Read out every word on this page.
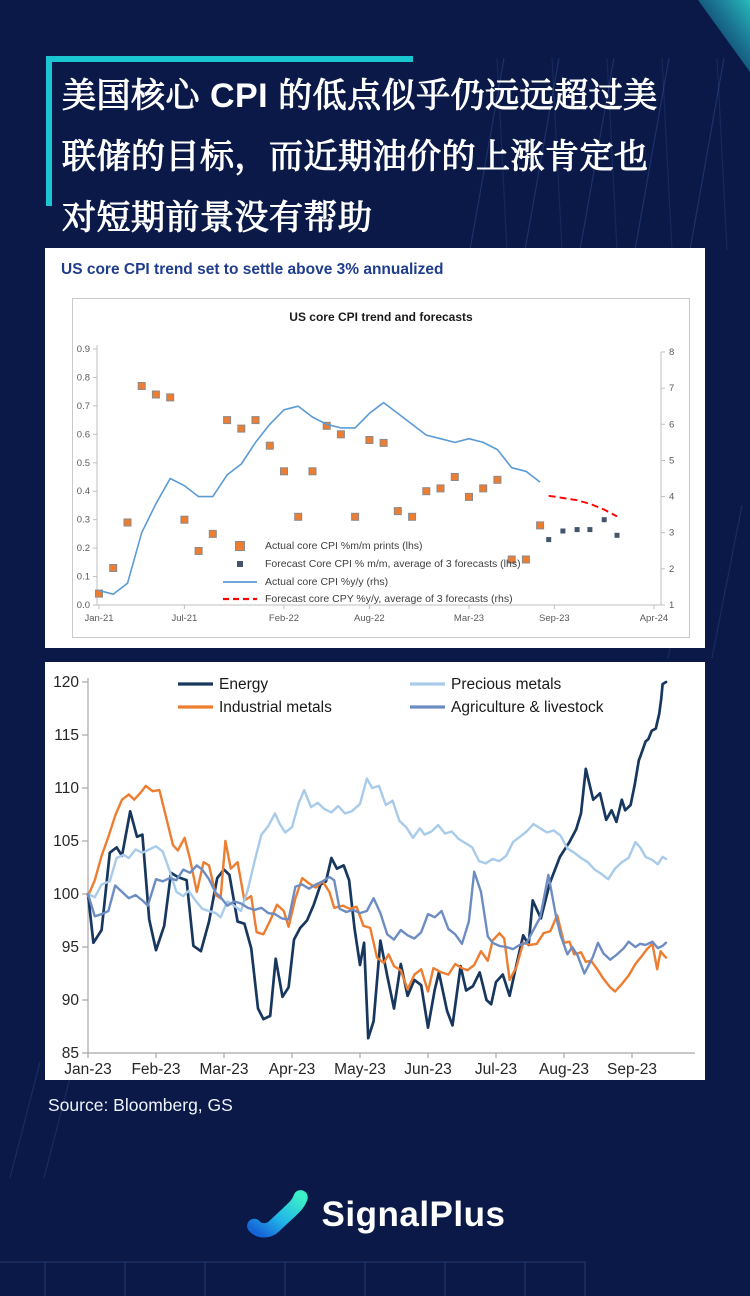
美国核心 CPI 的低点似乎仍远远超过美
联储的目标，而近期油价的上涨肯定也
对短期前景没有帮助
US core CPI trend set to settle above 3% annualized
US core CPI trend and forecasts
0.0
0.1
0.2
0.3
0.4
0.5
0.6
0.7
0.8
0.9
1
2
3
4
5
6
7
8
Jan-21	Jul-21	Feb-22	Aug-22	Mar-23	Sep-23	Apr-24
Actual core CPI %m/m prints (lhs)
Forecast Core CPI % m/m, average of 3 forecasts (lhs)
Actual core CPI %y/y (rhs)
Forecast core CPY %y/y, average of 3 forecasts (rhs)
85
90
95
100
105
110
115
120
Jan-23 Feb-23 Mar-23 Apr-23 May-23 Jun-23 Jul-23 Aug-23 Sep-23
Energy	Precious metals
Industrial metals	Agriculture & livestock
Source: Bloomberg, GS
SignalPlus
